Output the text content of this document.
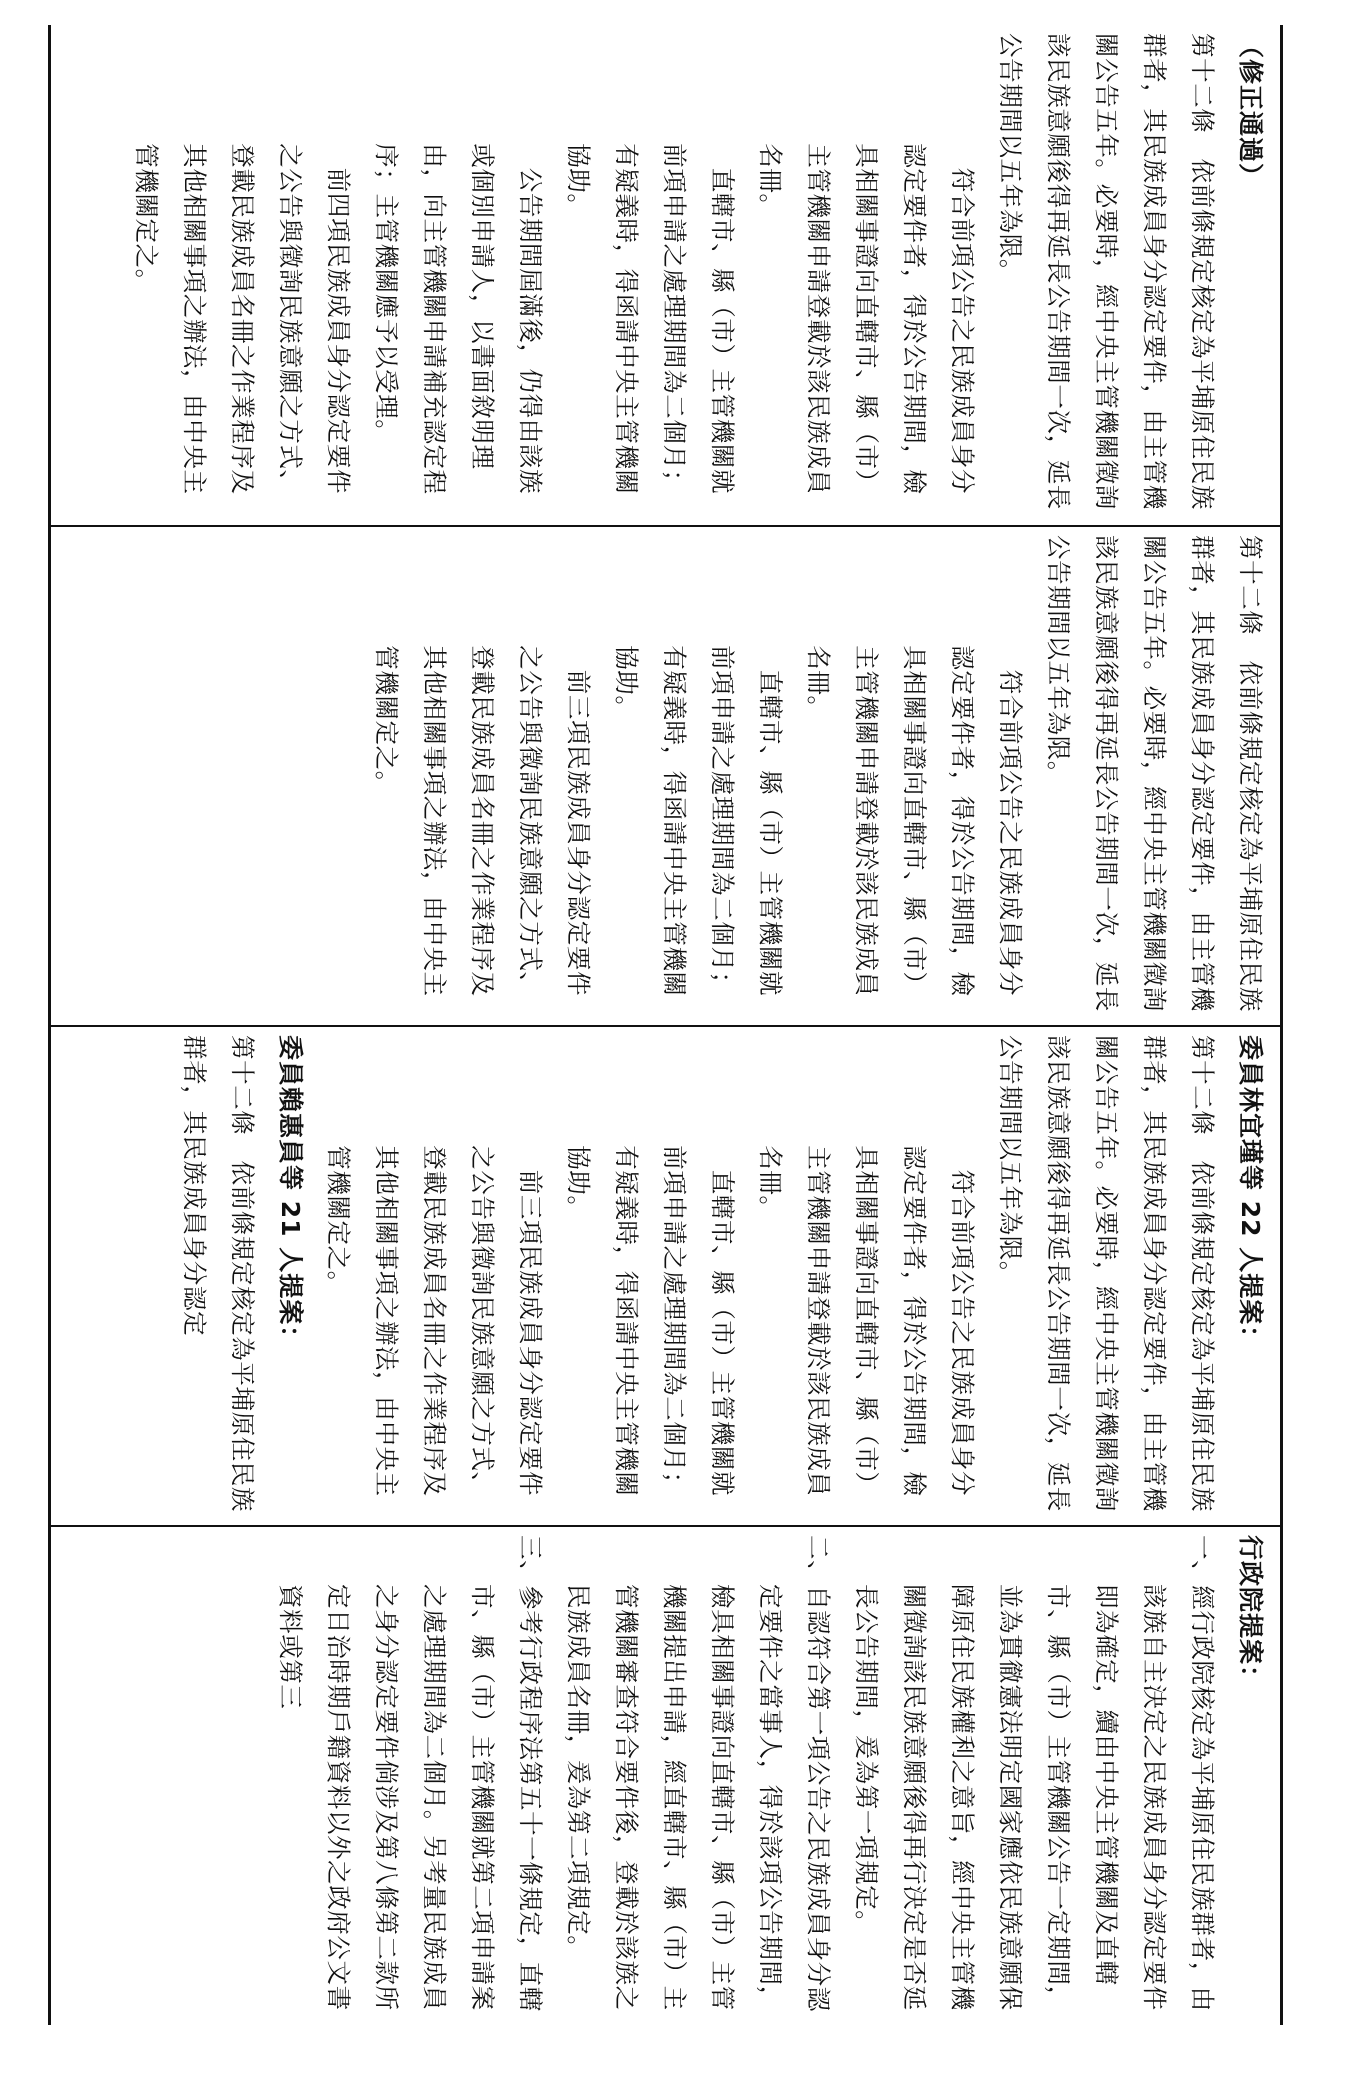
（修正通過）

第十二條   依前條規定核定為平埔原住民族群者，其民族成員身分認定要件，由主管機關公告五年。必要時，經中央主管機關徵詢該民族意願後得再延長公告期間一次，延長公告期間以五年為限。

符合前項公告之民族成員身分認定要件者，得於公告期間，檢具相關事證向直轄市、縣（市）主管機關申請登載於該民族成員名冊。

直轄市、縣（市）主管機關就前項申請之處理期間為二個月；有疑義時，得函請中央主管機關協助。

公告期間屆滿後，仍得由該族或個別申請人，以書面敘明理由，向主管機關申請補充認定程序；主管機關應予以受理。

前四項民族成員身分認定要件之公告與徵詢民族意願之方式、登載民族成員名冊之作業程序及其他相關事項之辦法，由中央主管機關定之。

第十二條   依前條規定核定為平埔原住民族群者，其民族成員身分認定要件，由主管機關公告五年。必要時，經中央主管機關徵詢該民族意願後得再延長公告期間一次，延長公告期間以五年為限。

符合前項公告之民族成員身分認定要件者，得於公告期間，檢具相關事證向直轄市、縣（市）主管機關申請登載於該民族成員名冊。

直轄市、縣（市）主管機關就前項申請之處理期間為二個月；有疑義時，得函請中央主管機關協助。

前三項民族成員身分認定要件之公告與徵詢民族意願之方式、登載民族成員名冊之作業程序及其他相關事項之辦法，由中央主管機關定之。

委員林宜瑾等 22 人提案：

第十二條   依前條規定核定為平埔原住民族群者，其民族成員身分認定要件，由主管機關公告五年。必要時，經中央主管機關徵詢該民族意願後得再延長公告期間一次，延長公告期間以五年為限。

符合前項公告之民族成員身分認定要件者，得於公告期間，檢具相關事證向直轄市、縣（市）主管機關申請登載於該民族成員名冊。

直轄市、縣（市）主管機關就前項申請之處理期間為二個月；有疑義時，得函請中央主管機關協助。

前三項民族成員身分認定要件之公告與徵詢民族意願之方式、登載民族成員名冊之作業程序及其他相關事項之辦法，由中央主管機關定之。

委員賴惠員等 21 人提案：

第十二條   依前條規定核定為平埔原住民族群者，其民族成員身分認定

行政院提案：

一、經行政院核定為平埔原住民族群者，由該族自主決定之民族成員身分認定要件即為確定，續由中央主管機關及直轄市、縣（市）主管機關公告一定期間，並為貫徹憲法明定國家應依民族意願保障原住民族權利之意旨，經中央主管機關徵詢該民族意願後得再行決定是否延長公告期間，爰為第一項規定。

二、自認符合第一項公告之民族成員身分認定要件之當事人，得於該項公告期間，檢具相關事證向直轄市、縣（市）主管機關提出申請，經直轄市、縣（市）主管機關審查符合要件後，登載於該族之民族成員名冊，爰為第二項規定。

三、參考行政程序法第五十一條規定，直轄市、縣（市）主管機關就第二項申請案之處理期間為二個月。另考量民族成員之身分認定要件倘涉及第八條第二款所定日治時期戶籍資料以外之政府公文書資料或第三
